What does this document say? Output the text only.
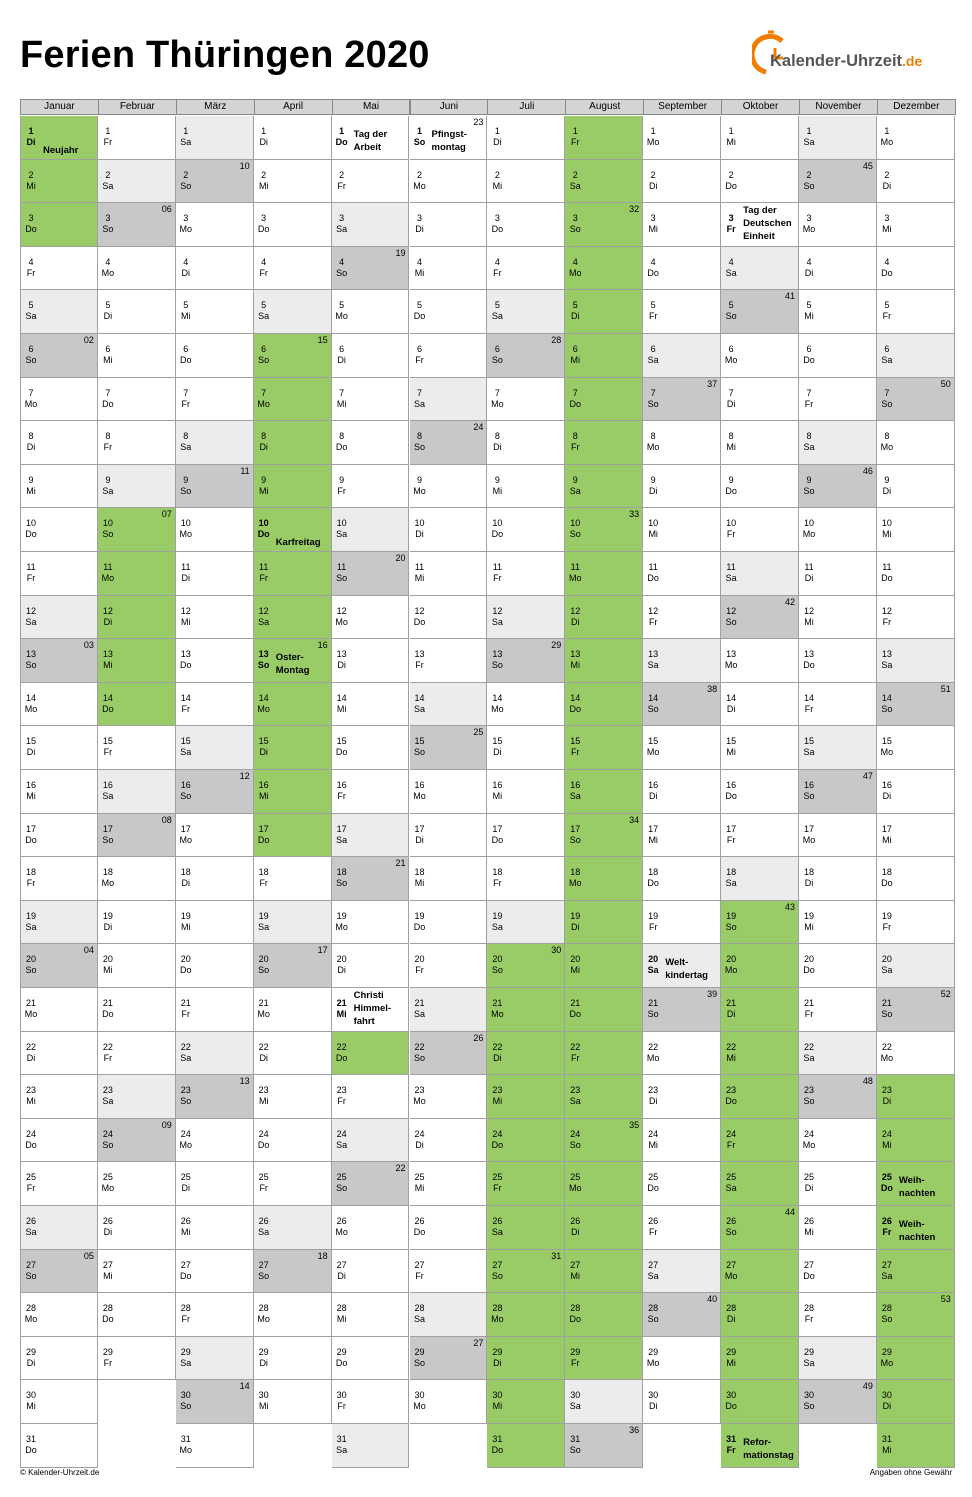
Ferien Thüringen 2020	Kalender-Uhrzeit.de
Januar
1
Di
Neujahr
2
Mi
3
Do
4
Fr
5
Sa
6
So
02
7
Mo
8
Di
9
Mi
10
Do
11
Fr
12
Sa
13
So
03
14
Mo
15
Di
16
Mi
17
Do
18
Fr
19
Sa
20
So
04
21
Mo
22
Di
23
Mi
24
Do
25
Fr
26
Sa
27
So
05
28
Mo
29
Di
30
Mi
31
Do
Februar
1
Fr
2
Sa
3
So
06
4
Mo
5
Di
6
Mi
7
Do
8
Fr
9
Sa
10
So
07
11
Mo
12
Di
13
Mi
14
Do
15
Fr
16
Sa
17
So
08
18
Mo
19
Di
20
Mi
21
Do
22
Fr
23
Sa
24
So
09
25
Mo
26
Di
27
Mi
28
Do
29
Fr
März
1
Sa
2
So
10
3
Mo
4
Di
5
Mi
6
Do
7
Fr
8
Sa
9
So
11
10
Mo
11
Di
12
Mi
13
Do
14
Fr
15
Sa
16
So
12
17
Mo
18
Di
19
Mi
20
Do
21
Fr
22
Sa
23
So
13
24
Mo
25
Di
26
Mi
27
Do
28
Fr
29
Sa
30
So
14
31
Mo
April
1
Di
2
Mi
3
Do
4
Fr
5
Sa
6
So
15
7
Mo
8
Di
9
Mi
10
Do
Karfreitag
11
Fr
12
Sa
13
So
Oster-
Montag
16
14
Mo
15
Di
16
Mi
17
Do
18
Fr
19
Sa
20
So
17
21
Mo
22
Di
23
Mi
24
Do
25
Fr
26
Sa
27
So
18
28
Mo
29
Di
30
Mi
Mai
1
Do
Tag der
Arbeit
2
Fr
3
Sa
4
So
19
5
Mo
6
Di
7
Mi
8
Do
9
Fr
10
Sa
11
So
20
12
Mo
13
Di
14
Mi
15
Do
16
Fr
17
Sa
18
So
21
19
Mo
20
Di
21
Mi
Christi
Himmel-
fahrt
22
Do
23
Fr
24
Sa
25
So
22
26
Mo
27
Di
28
Mi
29
Do
30
Fr
31
Sa
Juni
1
So
Pfingst-
montag
23
2
Mo
3
Di
4
Mi
5
Do
6
Fr
7
Sa
8
So
24
9
Mo
10
Di
11
Mi
12
Do
13
Fr
14
Sa
15
So
25
16
Mo
17
Di
18
Mi
19
Do
20
Fr
21
Sa
22
So
26
23
Mo
24
Di
25
Mi
26
Do
27
Fr
28
Sa
29
So
27
30
Mo
Juli
1
Di
2
Mi
3
Do
4
Fr
5
Sa
6
So
28
7
Mo
8
Di
9
Mi
10
Do
11
Fr
12
Sa
13
So
29
14
Mo
15
Di
16
Mi
17
Do
18
Fr
19
Sa
20
So
30
21
Mo
22
Di
23
Mi
24
Do
25
Fr
26
Sa
27
So
31
28
Mo
29
Di
30
Mi
31
Do
August
1
Fr
2
Sa
3
So
32
4
Mo
5
Di
6
Mi
7
Do
8
Fr
9
Sa
10
So
33
11
Mo
12
Di
13
Mi
14
Do
15
Fr
16
Sa
17
So
34
18
Mo
19
Di
20
Mi
21
Do
22
Fr
23
Sa
24
So
35
25
Mo
26
Di
27
Mi
28
Do
29
Fr
30
Sa
31
So
36
September
1
Mo
2
Di
3
Mi
4
Do
5
Fr
6
Sa
7
So
37
8
Mo
9
Di
10
Mi
11
Do
12
Fr
13
Sa
14
So
38
15
Mo
16
Di
17
Mi
18
Do
19
Fr
20
Sa
Welt-
kindertag
21
So
39
22
Mo
23
Di
24
Mi
25
Do
26
Fr
27
Sa
28
So
40
29
Mo
30
Di
Oktober
1
Mi
2
Do
3
Fr
Tag der
Deutschen
Einheit
4
Sa
5
So
41
6
Mo
7
Di
8
Mi
9
Do
10
Fr
11
Sa
12
So
42
13
Mo
14
Di
15
Mi
16
Do
17
Fr
18
Sa
19
So
43
20
Mo
21
Di
22
Mi
23
Do
24
Fr
25
Sa
26
So
44
27
Mo
28
Di
29
Mi
30
Do
31
Fr
Refor-
mationstag
November
1
Sa
2
So
45
3
Mo
4
Di
5
Mi
6
Do
7
Fr
8
Sa
9
So
46
10
Mo
11
Di
12
Mi
13
Do
14
Fr
15
Sa
16
So
47
17
Mo
18
Di
19
Mi
20
Do
21
Fr
22
Sa
23
So
48
24
Mo
25
Di
26
Mi
27
Do
28
Fr
29
Sa
30
So
49
Dezember
1
Mo
2
Di
3
Mi
4
Do
5
Fr
6
Sa
7
So
50
8
Mo
9
Di
10
Mi
11
Do
12
Fr
13
Sa
14
So
51
15
Mo
16
Di
17
Mi
18
Do
19
Fr
20
Sa
21
So
52
22
Mo
23
Di
24
Mi
25
Do
Weih-
nachten
26
Fr
Weih-
nachten
27
Sa
28
So
53
29
Mo
30
Di
31
Mi
© Kalender-Uhrzeit.de	Angaben ohne Gewähr
